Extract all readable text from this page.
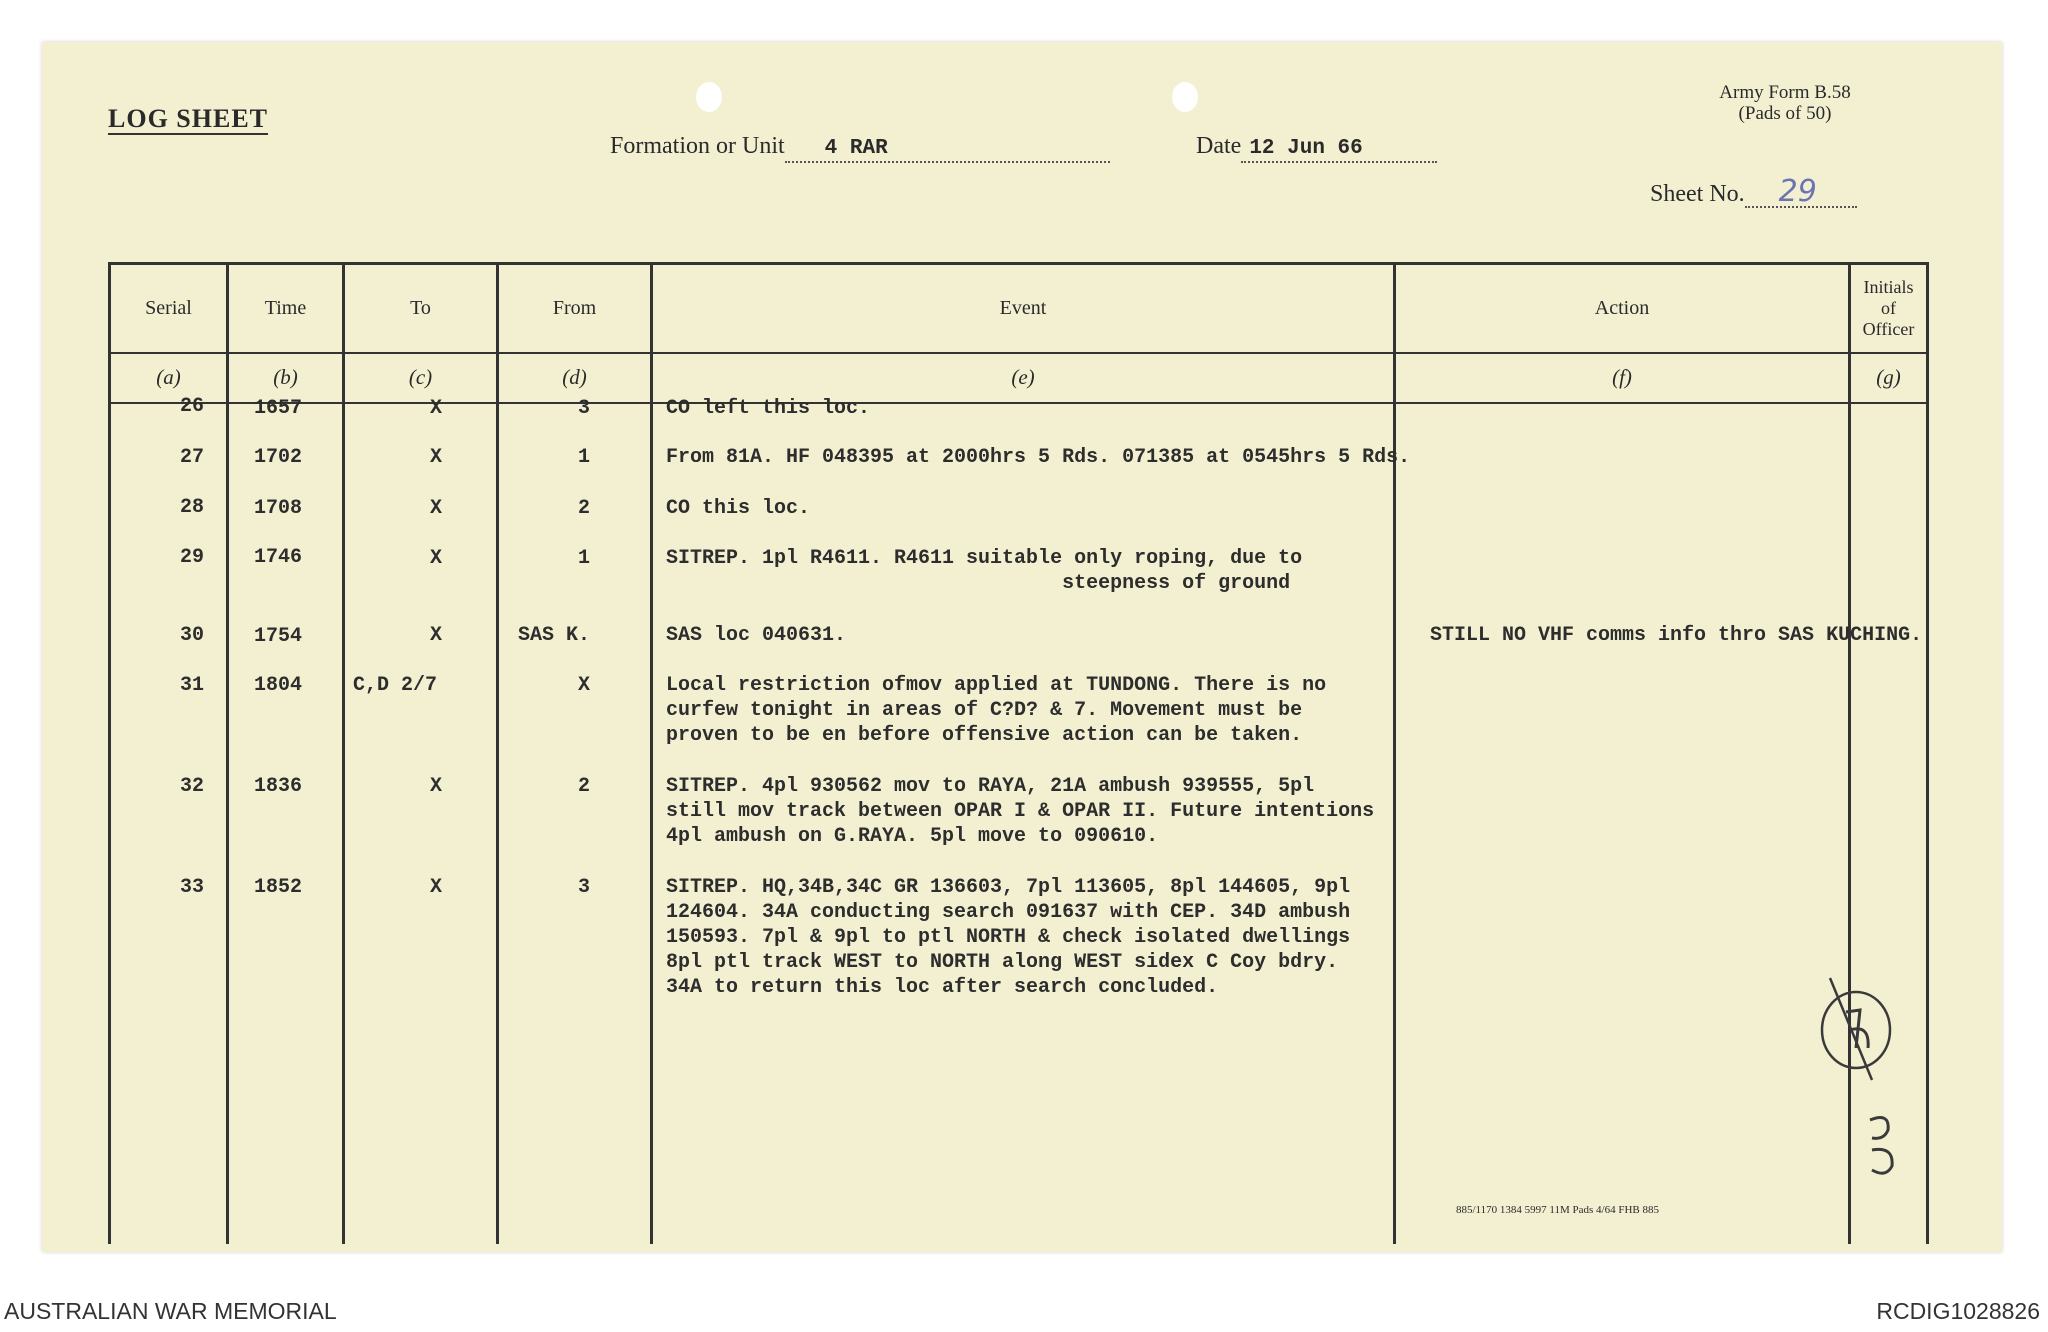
LOG SHEET
Army Form B.58
(Pads of 50)
Formation or Unit 4 RAR	Date 12 Jun 66
Sheet No. 29
Serial	Time	To	From	Event	Action	Initials of Officer
(a)	(b)	(c)	(d)	(e)	(f)	(g)

26	1657	X	3	CO left this loc.
27	1702	X	1	From 81A. HF 048395 at 2000hrs 5 Rds. 071385 at 0545hrs 5 Rds.
28	1708	X	2	CO this loc.
29	1746	X	1	SITREP. 1pl R4611. R4611 suitable only roping, due to
steepness of ground
30	1754	X	SAS K.	SAS loc 040631.	STILL NO VHF comms info thro SAS KUCHING.
31	1804	C,D 2/7	X	Local restriction ofmov applied at TUNDONG. There is no
curfew tonight in areas of C?D? & 7. Movement must be
proven to be en before offensive action can be taken.
32	1836	X	2	SITREP. 4pl 930562 mov to RAYA, 21A ambush 939555, 5pl
still mov track between OPAR I & OPAR II. Future intentions
4pl ambush on G.RAYA. 5pl move to 090610.
33	1852	X	3	SITREP. HQ,34B,34C GR 136603, 7pl 113605, 8pl 144605, 9pl
124604. 34A conducting search 091637 with CEP. 34D ambush
150593. 7pl & 9pl to ptl NORTH & check isolated dwellings
8pl ptl track WEST to NORTH along WEST sidex C Coy bdry.
34A to return this loc after search concluded.
885/1170 1384 5997 11M Pads 4/64 FHB 885
AUSTRALIAN WAR MEMORIAL	RCDIG1028826
